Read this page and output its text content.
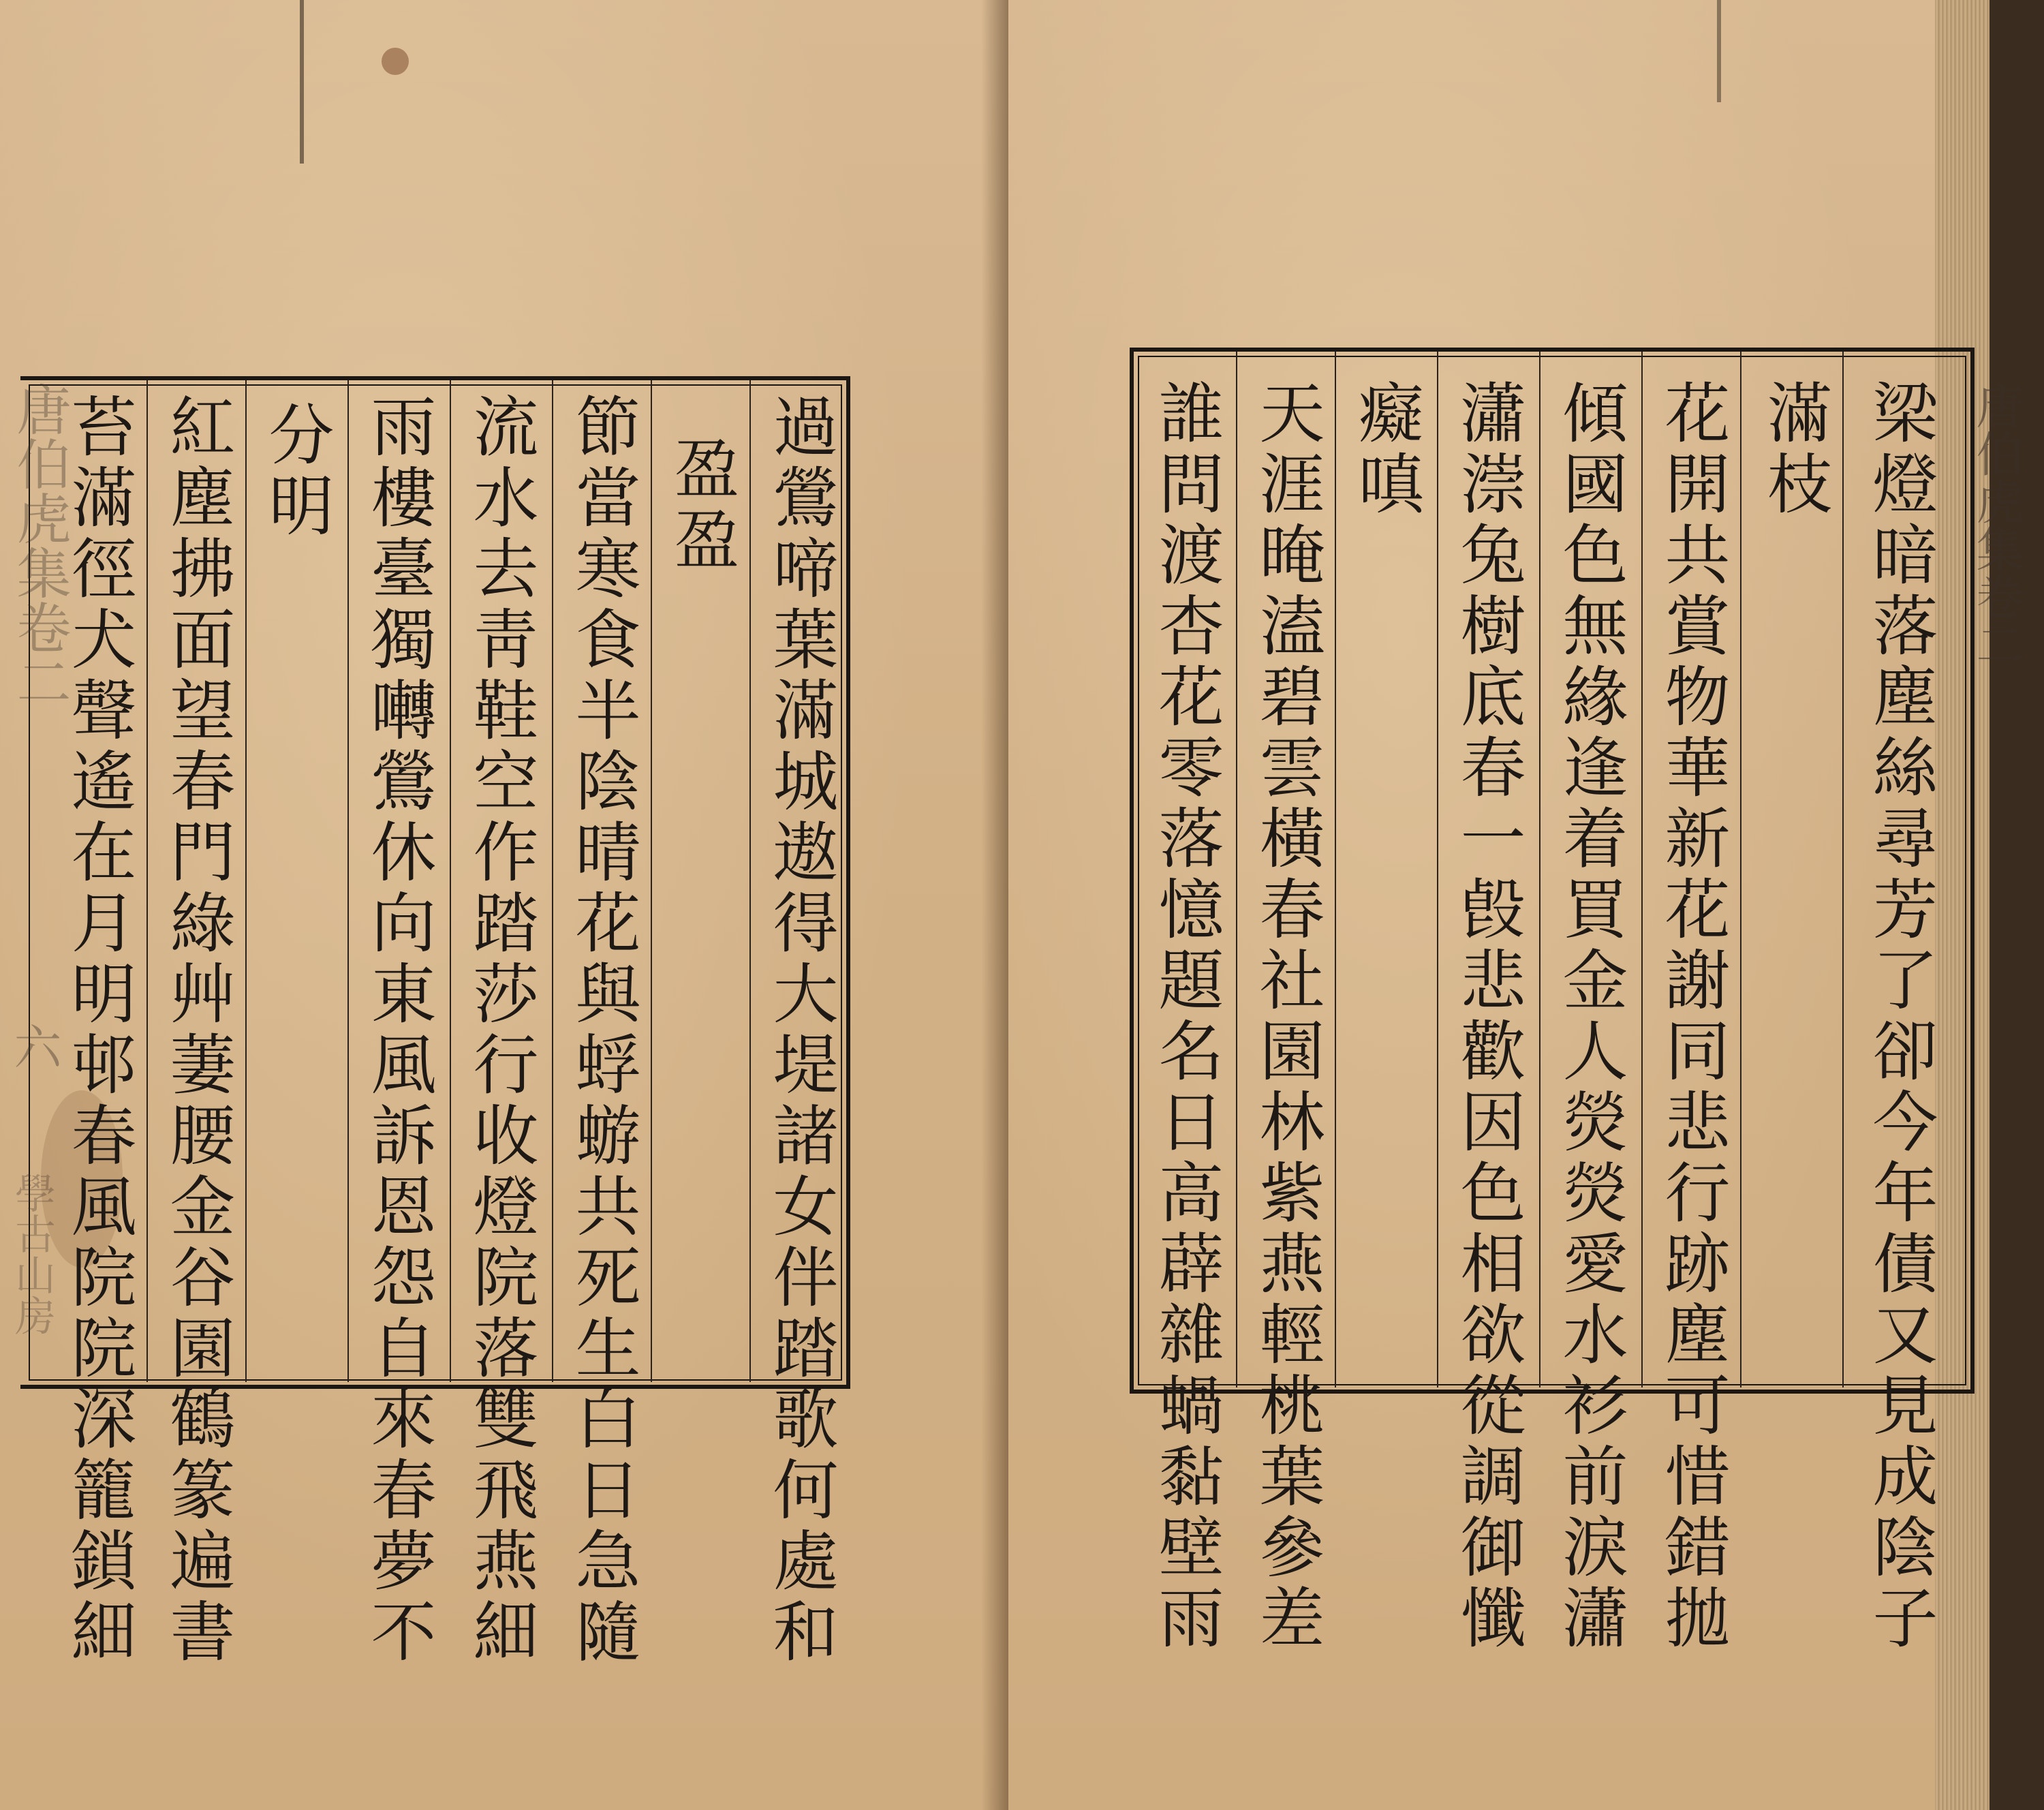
過鶯啼葉滿城遨得大堤諸女伴踏歌何處和
盈盈
節當寒食半陰晴花與蜉蝣共死生白日急隨
流水去靑鞋空作踏莎行收燈院落雙飛燕細
雨樓臺獨囀鶯休向東風訴恩怨自來春夢不
分明
紅塵拂面望春門綠艸萋腰金谷園鶴篆遍書
苔滿徑犬聲遙在月明邨春風院院深籠鎖細
唐伯虎集卷二
學古山房
六	梁燈暗落塵絲尋芳了卻今年債又見成陰子
滿枝
花開共賞物華新花謝同悲行跡塵可惜錯拋
傾國色無緣逢着買金人熒熒愛水衫前淚瀟
瀟漴兔樹底春一㲃悲歡因色相欲從調御懺
癡嗔
天涯晻溘碧雲橫春社園林紫燕輕桃葉參差
誰問渡杏花零落憶題名日高薜雜蝸黏壁雨	唐伯虎集卷二
